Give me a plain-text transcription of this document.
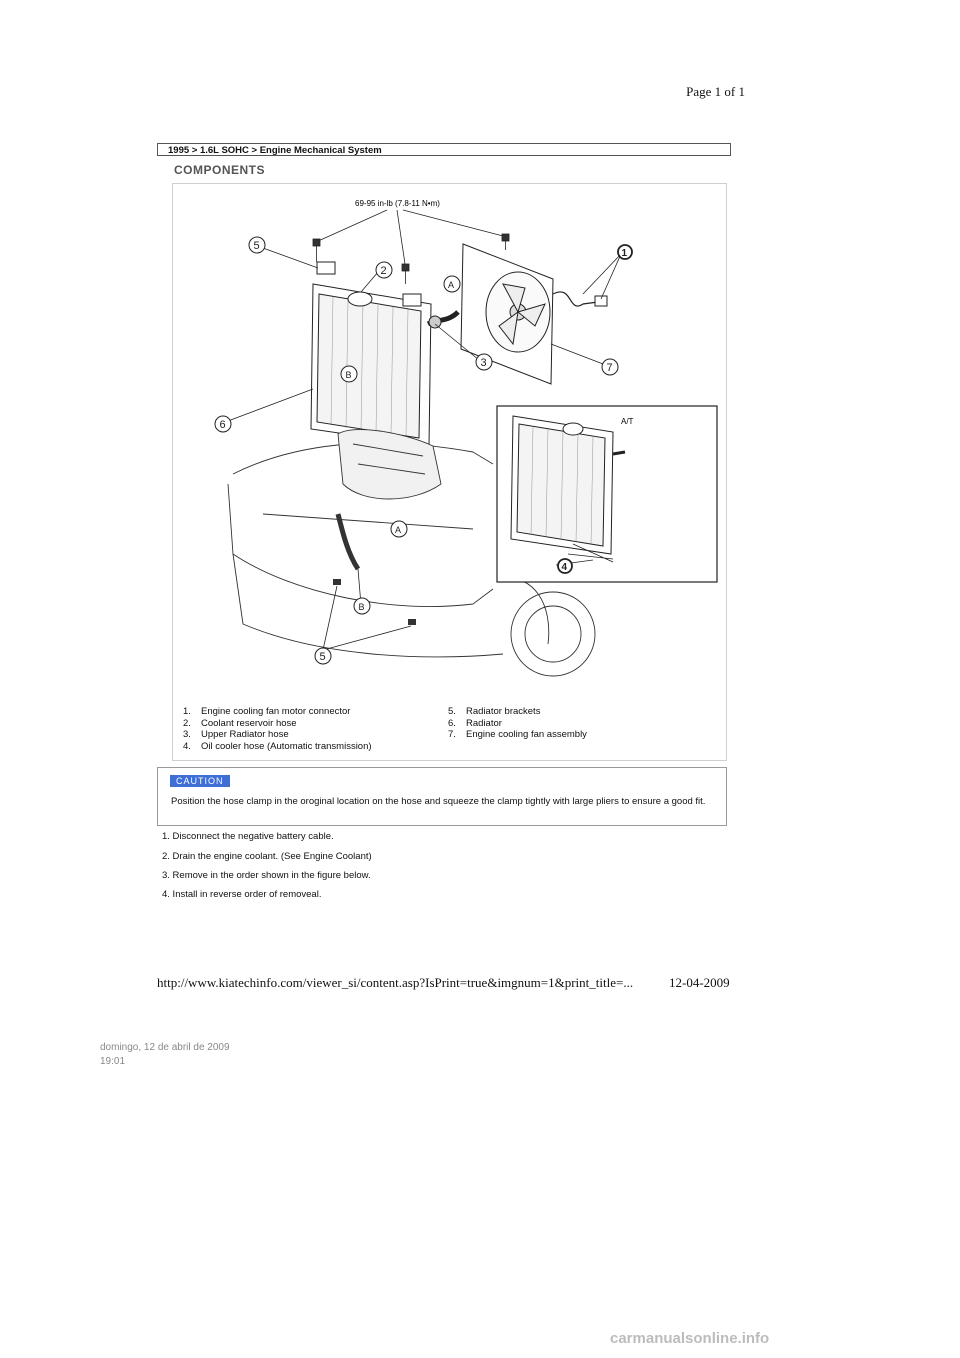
Page 1 of 1
1995 > 1.6L SOHC > Engine Mechanical System
COMPONENTS
69-95 in-lb (7.8-11 N•m)
A/T
5
2
A
3
B
6
7
1
A
B
5
4
1.	Engine cooling fan motor connector
2.	Coolant reservoir hose
3.	Upper Radiator hose
4.	Oil cooler hose (Automatic transmission)
5.	Radiator brackets
6.	Radiator
7.	Engine cooling fan assembly
CAUTION
Position the hose clamp in the oroginal location on the hose and squeeze the clamp tightly with large pliers to ensure a good fit.
1. Disconnect the negative battery cable.
2. Drain the engine coolant. (See Engine Coolant)
3. Remove in the order shown in the figure below.
4. Install in reverse order of removeal.
http://www.kiatechinfo.com/viewer_si/content.asp?IsPrint=true&imgnum=1&print_title=...	12-04-2009
domingo, 12 de abril de 2009
19:01
carmanualsonline.info
